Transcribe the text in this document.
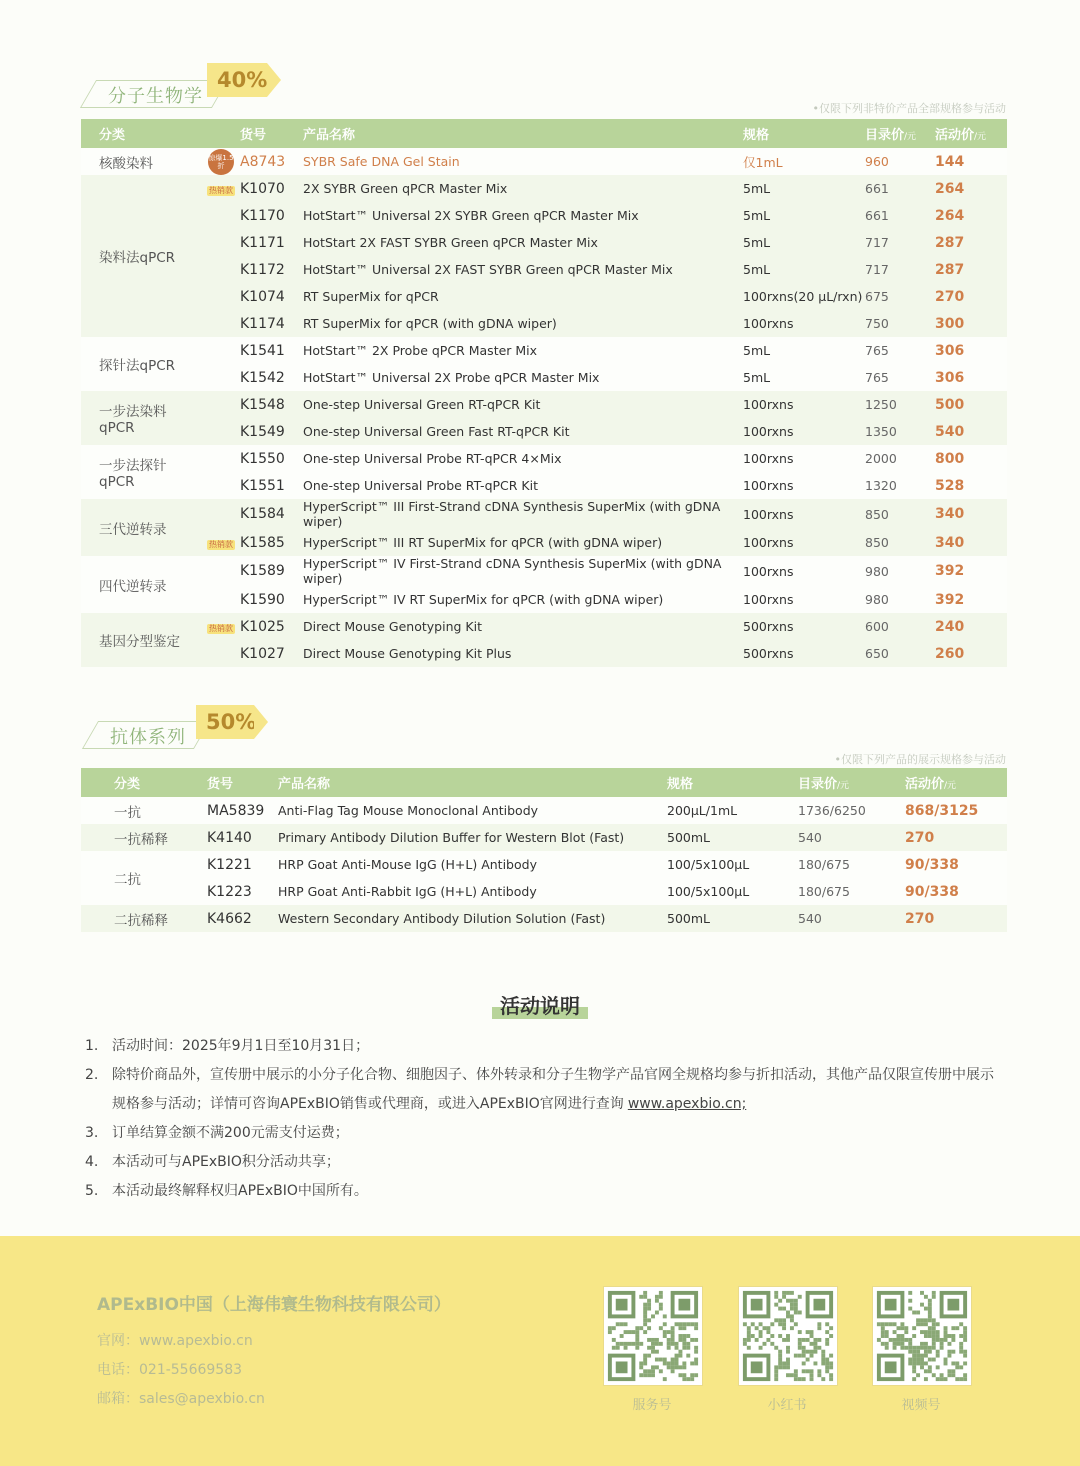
分子生物学
40%
•仅限下列非特价产品全部规格参与活动
分类		货号	产品名称	规格	目录价/元	活动价/元
核酸染料	惊爆1.5折	A8743	SYBR Safe DNA Gel Stain	仅1mL	960	144
染料法qPCR	热销款	K1070	2X SYBR Green qPCR Master Mix	5mL	661	264
		K1170	HotStart™ Universal 2X SYBR Green qPCR Master Mix	5mL	661	264
		K1171	HotStart 2X FAST SYBR Green qPCR Master Mix	5mL	717	287
		K1172	HotStart™ Universal 2X FAST SYBR Green qPCR Master Mix	5mL	717	287
		K1074	RT SuperMix for qPCR	100rxns(20 μL/rxn)	675	270
		K1174	RT SuperMix for qPCR (with gDNA wiper)	100rxns	750	300
探针法qPCR		K1541	HotStart™ 2X Probe qPCR Master Mix	5mL	765	306
		K1542	HotStart™ Universal 2X Probe qPCR Master Mix	5mL	765	306
一步法染料qPCR		K1548	One-step Universal Green RT-qPCR Kit	100rxns	1250	500
		K1549	One-step Universal Green Fast RT-qPCR Kit	100rxns	1350	540
一步法探针qPCR		K1550	One-step Universal Probe RT-qPCR 4×Mix	100rxns	2000	800
		K1551	One-step Universal Probe RT-qPCR Kit	100rxns	1320	528
三代逆转录		K1584	HyperScript™ III First-Strand cDNA Synthesis SuperMix (with gDNA wiper)	100rxns	850	340
	热销款	K1585	HyperScript™ III RT SuperMix for qPCR (with gDNA wiper)	100rxns	850	340
四代逆转录		K1589	HyperScript™ IV First-Strand cDNA Synthesis SuperMix (with gDNA wiper)	100rxns	980	392
		K1590	HyperScript™ IV RT SuperMix for qPCR (with gDNA wiper)	100rxns	980	392
基因分型鉴定	热销款	K1025	Direct Mouse Genotyping Kit	500rxns	600	240
		K1027	Direct Mouse Genotyping Kit Plus	500rxns	650	260
抗体系列
50%
•仅限下列产品的展示规格参与活动
分类	货号	产品名称	规格	目录价/元	活动价/元
一抗	MA5839	Anti-Flag Tag Mouse Monoclonal Antibody	200μL/1mL	1736/6250	868/3125
一抗稀释	K4140	Primary Antibody Dilution Buffer for Western Blot (Fast)	500mL	540	270
二抗	K1221	HRP Goat Anti-Mouse IgG (H+L) Antibody	100/5x100μL	180/675	90/338
	K1223	HRP Goat Anti-Rabbit IgG (H+L) Antibody	100/5x100μL	180/675	90/338
二抗稀释	K4662	Western Secondary Antibody Dilution Solution (Fast)	500mL	540	270
活动说明
1. 活动时间：2025年9月1日至10月31日；
2. 除特价商品外，宣传册中展示的小分子化合物、细胞因子、体外转录和分子生物学产品官网全规格均参与折扣活动，其他产品仅限宣传册中展示规格参与活动；详情可咨询APExBIO销售或代理商，或进入APExBIO官网进行查询 www.apexbio.cn;
3. 订单结算金额不满200元需支付运费；
4. 本活动可与APExBIO积分活动共享；
5. 本活动最终解释权归APExBIO中国所有。
APExBIO中国（上海伟寰生物科技有限公司）
官网：www.apexbio.cn
电话：021-55669583
邮箱：sales@apexbio.cn	服务号	小红书	视频号
